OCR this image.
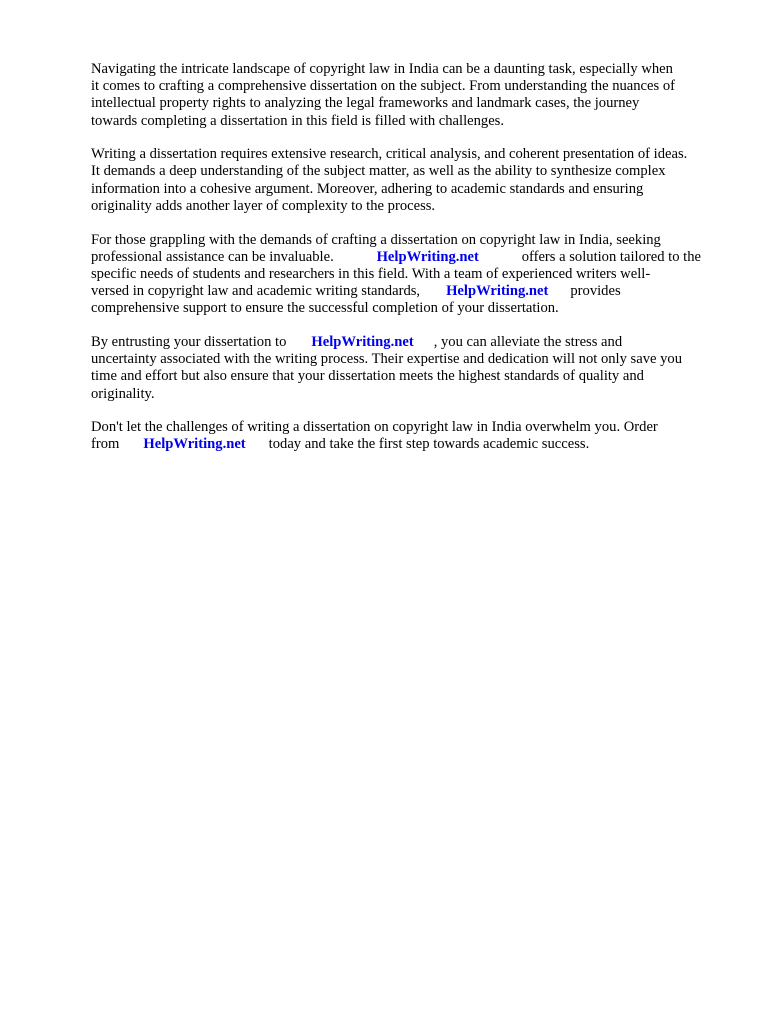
Navigating the intricate landscape of copyright law in India can be a daunting task, especially when
it comes to crafting a comprehensive dissertation on the subject. From understanding the nuances of
intellectual property rights to analyzing the legal frameworks and landmark cases, the journey
towards completing a dissertation in this field is filled with challenges.
Writing a dissertation requires extensive research, critical analysis, and coherent presentation of ideas.
It demands a deep understanding of the subject matter, as well as the ability to synthesize complex
information into a cohesive argument. Moreover, adhering to academic standards and ensuring
originality adds another layer of complexity to the process.
For those grappling with the demands of crafting a dissertation on copyright law in India, seeking
professional assistance can be invaluable.	HelpWriting.net	offers a solution tailored to the
specific needs of students and researchers in this field. With a team of experienced writers well-
versed in copyright law and academic writing standards, HelpWriting.net provides
comprehensive support to ensure the successful completion of your dissertation.
By entrusting your dissertation to HelpWriting.net , you can alleviate the stress and
uncertainty associated with the writing process. Their expertise and dedication will not only save you
time and effort but also ensure that your dissertation meets the highest standards of quality and
originality.
Don't let the challenges of writing a dissertation on copyright law in India overwhelm you. Order
from HelpWriting.net today and take the first step towards academic success.
